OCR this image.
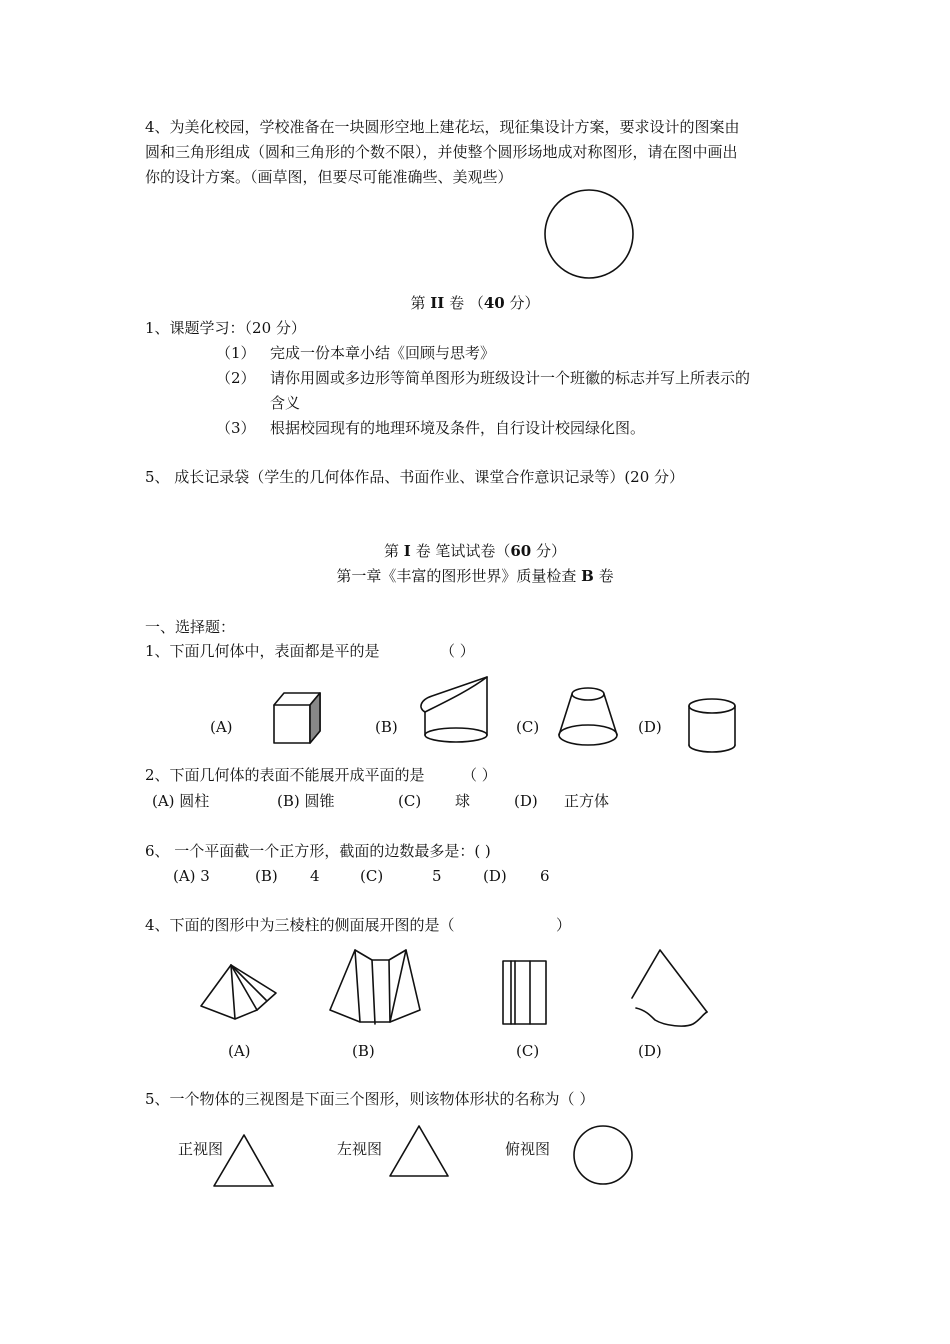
4、为美化校园，学校准备在一块圆形空地上建花坛，现征集设计方案，要求设计的图案由
圆和三角形组成（圆和三角形的个数不限），并使整个圆形场地成对称图形，请在图中画出
你的设计方案。（画草图，但要尽可能准确些、美观些）
第 II 卷 （40 分）
1、课题学习：（20 分）
（1） 完成一份本章小结《回顾与思考》
（2） 请你用圆或多边形等简单图形为班级设计一个班徽的标志并写上所表示的
含义
（3） 根据校园现有的地理环境及条件，自行设计校园绿化图。
5、 成长记录袋（学生的几何体作品、书面作业、课堂合作意识记录等）(20 分）
第 I 卷 笔试试卷（60 分）
第一章《丰富的图形世界》质量检查 B 卷
一、选择题：
1、下面几何体中，表面都是平的是	（ ）
(A)	(B)	(C)	(D)
2、下面几何体的表面不能展开成平面的是 （ ）
(A) 圆柱	(B) 圆锥	(C) 球	(D) 正方体
6、 一个平面截一个正方形，截面的边数最多是：( )
(A) 3	(B) 4	(C)	5	(D) 6
4、下面的图形中为三棱柱的侧面展开图的是（	）
(A)	(B)	(C)	(D)
5、一个物体的三视图是下面三个图形，则该物体形状的名称为（ ）
正视图	左视图	俯视图
